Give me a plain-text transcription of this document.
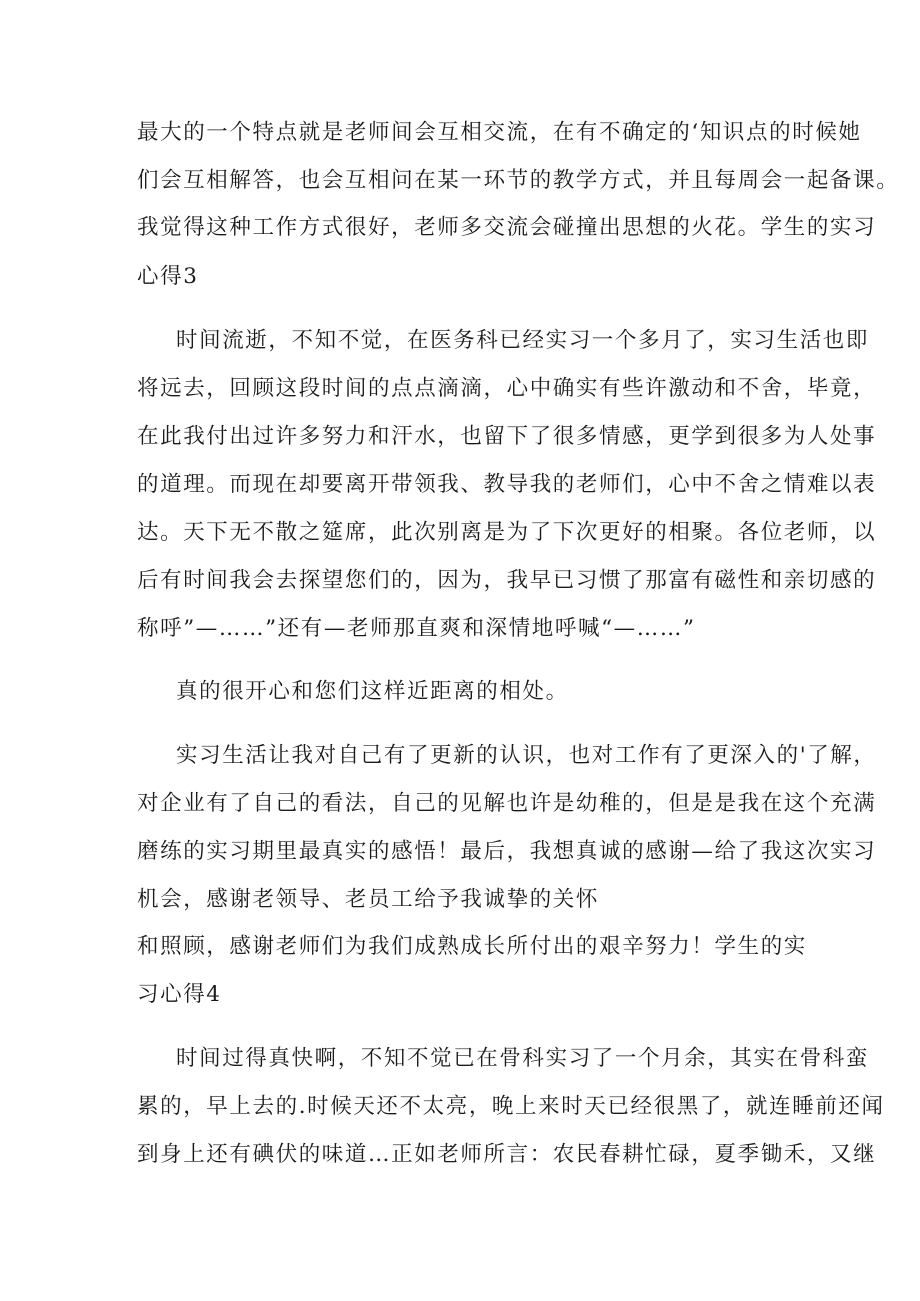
最大的一个特点就是老师间会互相交流，在有不确定的‘知识点的时候她
们会互相解答，也会互相问在某一环节的教学方式，并且每周会一起备课。
我觉得这种工作方式很好，老师多交流会碰撞出思想的火花。学生的实习
心得3
时间流逝，不知不觉，在医务科已经实习一个多月了，实习生活也即
将远去，回顾这段时间的点点滴滴，心中确实有些许激动和不舍，毕竟，
在此我付出过许多努力和汗水，也留下了很多情感，更学到很多为人处事
的道理。而现在却要离开带领我、教导我的老师们，心中不舍之情难以表
达。天下无不散之筵席，此次别离是为了下次更好的相聚。各位老师，以
后有时间我会去探望您们的，因为，我早已习惯了那富有磁性和亲切感的
称呼”—……”还有—老师那直爽和深情地呼喊“—……”
真的很开心和您们这样近距离的相处。
实习生活让我对自己有了更新的认识，也对工作有了更深入的'了解，
对企业有了自己的看法，自己的见解也许是幼稚的，但是是我在这个充满
磨练的实习期里最真实的感悟！最后，我想真诚的感谢—给了我这次实习
机会，感谢老领导、老员工给予我诚挚的关怀
和照顾，感谢老师们为我们成熟成长所付出的艰辛努力！学生的实
习心得4
时间过得真快啊，不知不觉已在骨科实习了一个月余，其实在骨科蛮
累的，早上去的.时候天还不太亮，晚上来时天已经很黑了，就连睡前还闻
到身上还有碘伏的味道…正如老师所言：农民春耕忙碌，夏季锄禾，又继
